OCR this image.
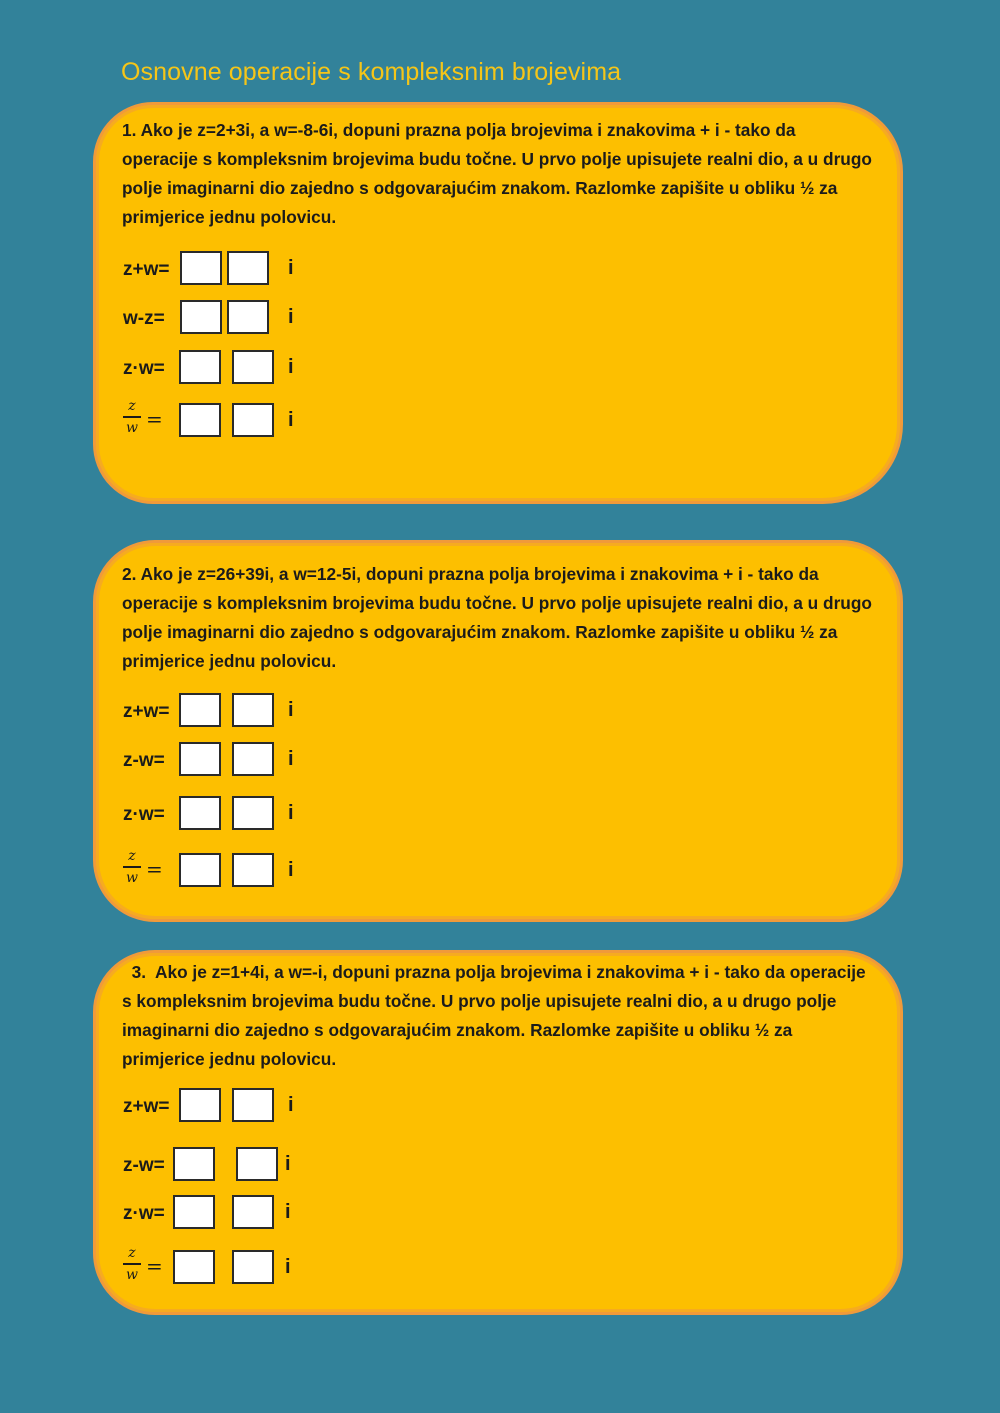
Osnovne operacije s kompleksnim brojevima

1. Ako je z=2+3i, a w=-8-6i, dopuni prazna polja brojevima i znakovima + i - tako da operacije s kompleksnim brojevima budu točne. U prvo polje upisujete realni dio, a u drugo polje imaginarni dio zajedno s odgovarajućim znakom. Razlomke zapišite u obliku ½ za primjerice jednu polovicu.

z+w=	i
w-z=	i
z·w=	i
z
w =	i

2. Ako je z=26+39i, a w=12-5i, dopuni prazna polja brojevima i znakovima + i - tako da operacije s kompleksnim brojevima budu točne. U prvo polje upisujete realni dio, a u drugo polje imaginarni dio zajedno s odgovarajućim znakom. Razlomke zapišite u obliku ½ za primjerice jednu polovicu.

z+w=	i
z-w=	i
z·w=	i
z
w =	i

3.  Ako je z=1+4i, a w=-i, dopuni prazna polja brojevima i znakovima + i - tako da operacije s kompleksnim brojevima budu točne. U prvo polje upisujete realni dio, a u drugo polje imaginarni dio zajedno s odgovarajućim znakom. Razlomke zapišite u obliku ½ za primjerice jednu polovicu.

z+w=	i
z-w=	i
z·w=	i
z
w =	i
